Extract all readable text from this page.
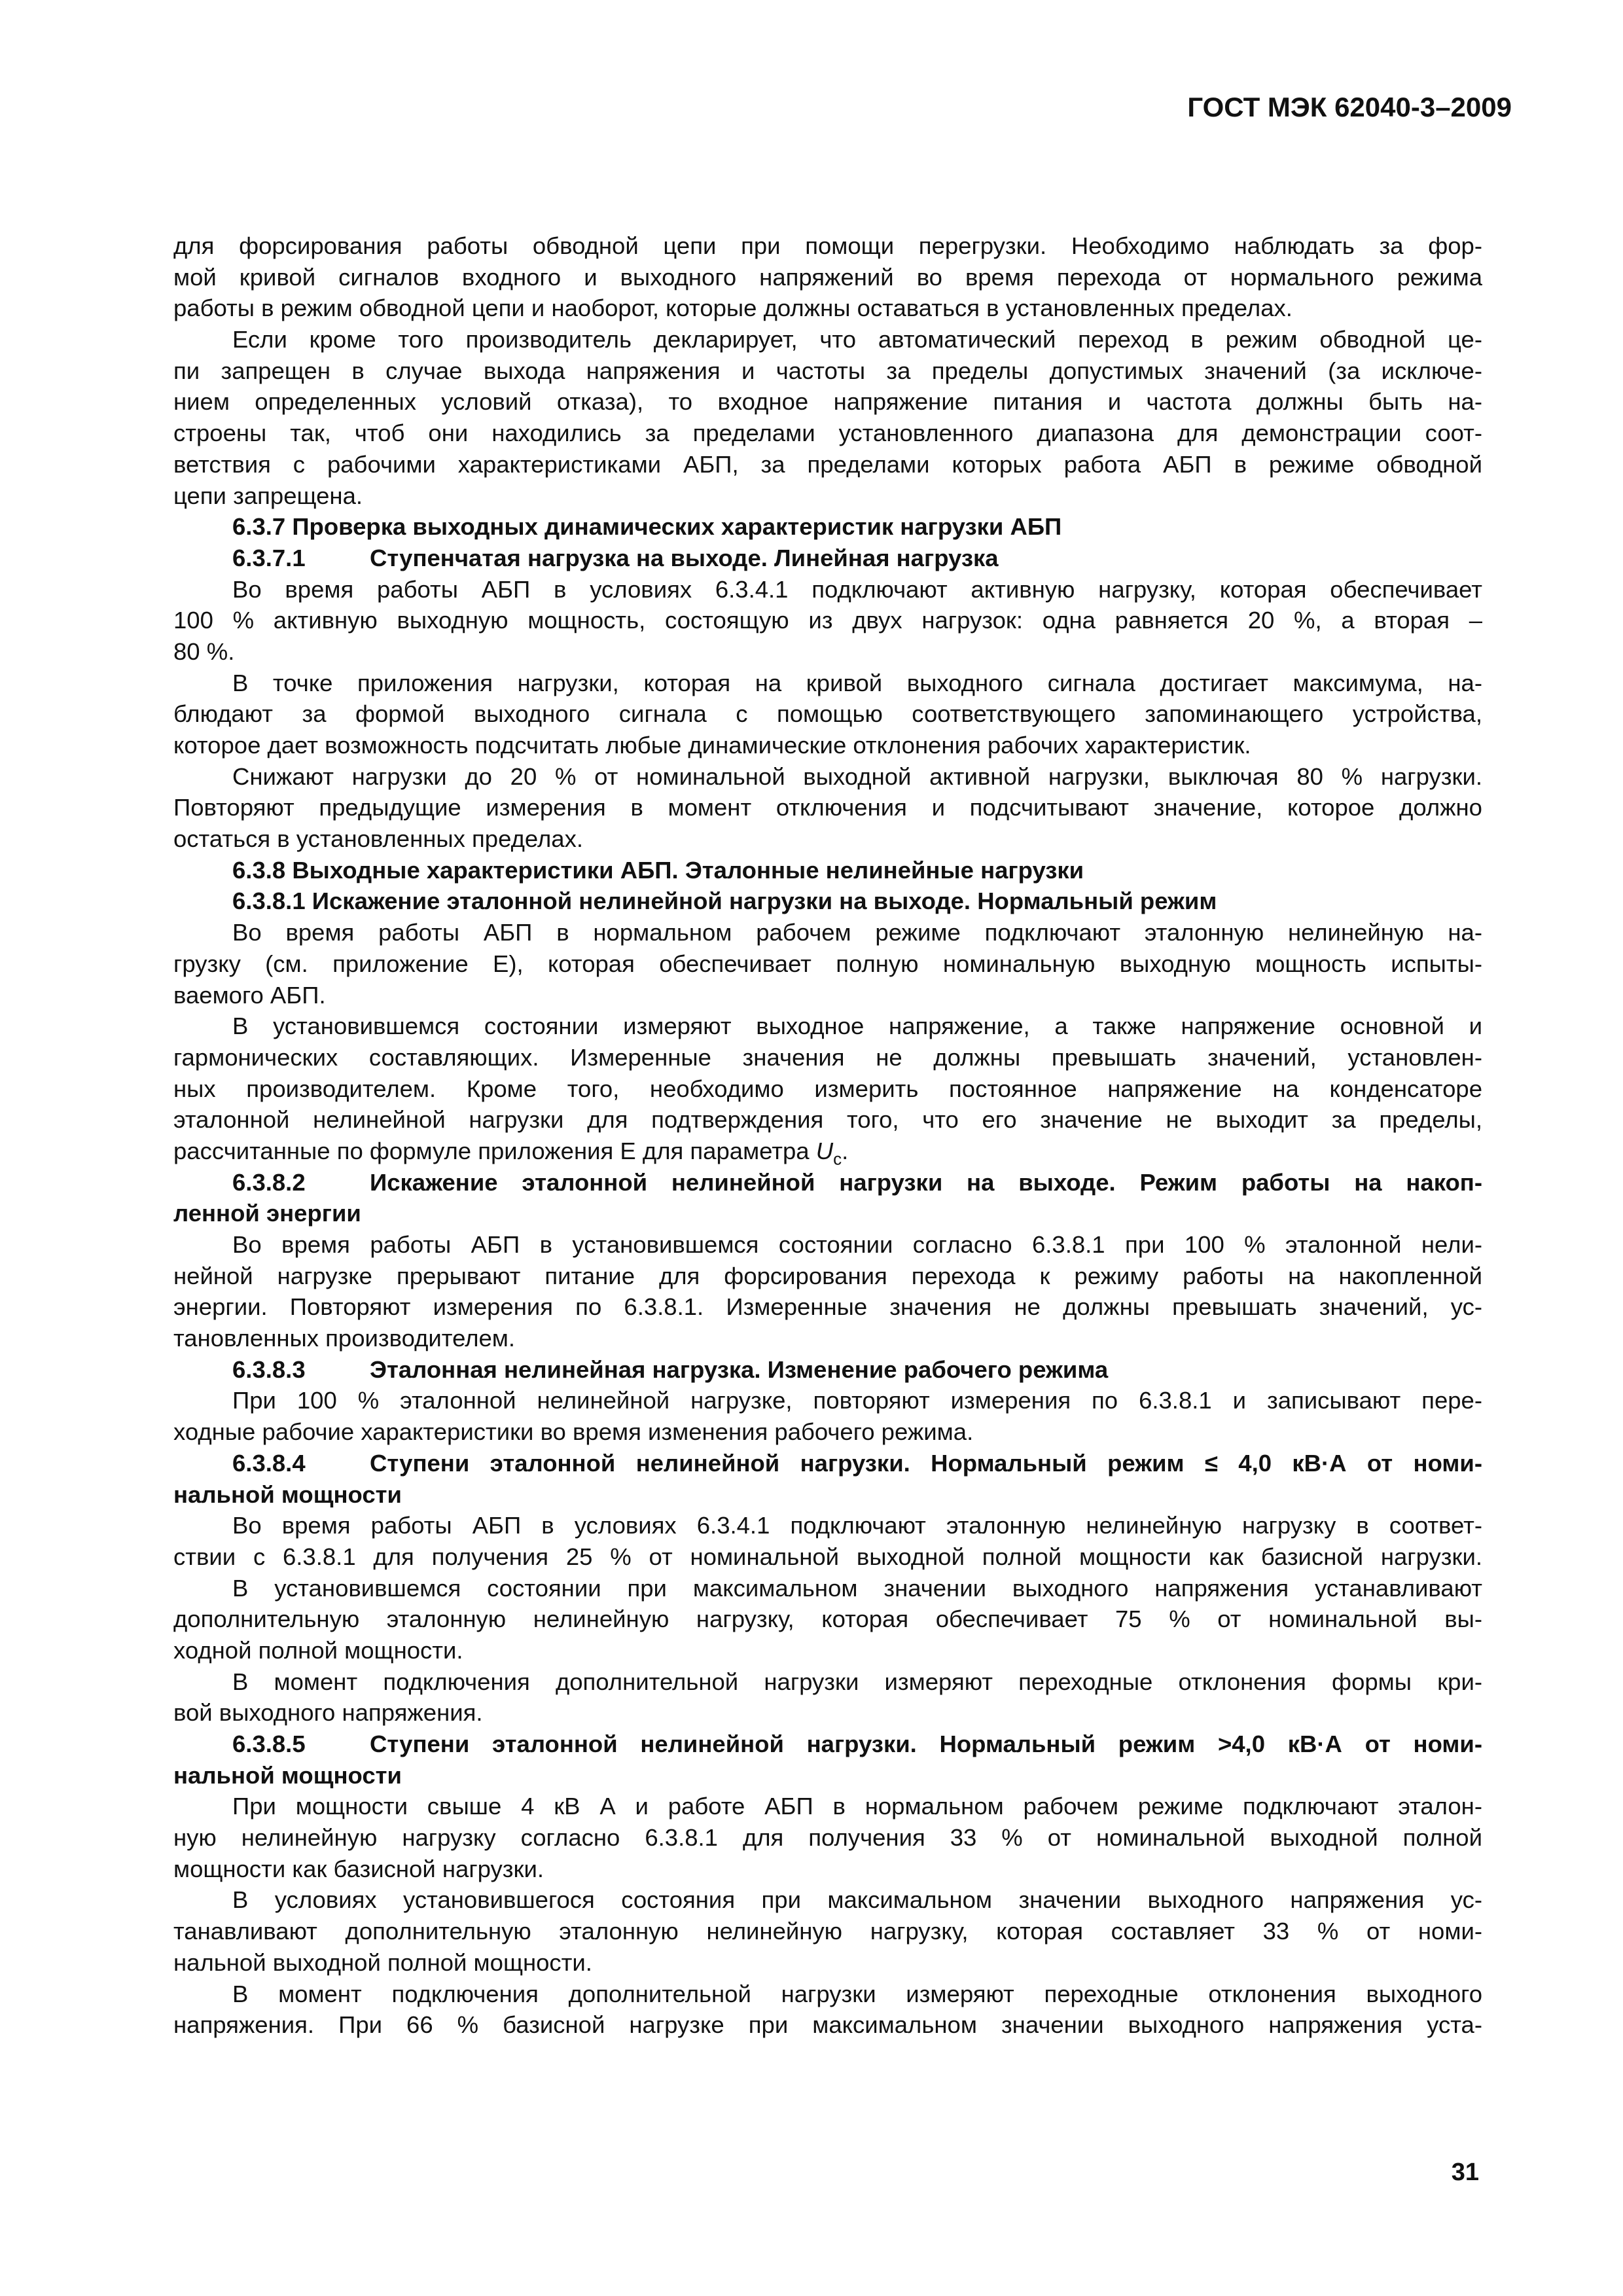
ГОСТ МЭК 62040-3–2009
для форсирования работы обводной цепи при помощи перегрузки. Необходимо наблюдать за фор-
мой кривой сигналов входного и выходного напряжений во время перехода от нормального режима
работы в режим обводной цепи и наоборот, которые должны оставаться в установленных пределах.
Если кроме того производитель декларирует, что автоматический переход в режим обводной це-
пи запрещен в случае выхода напряжения и частоты за пределы допустимых значений (за исключе-
нием определенных условий отказа), то входное напряжение питания и частота должны быть на-
строены так, чтоб они находились за пределами установленного диапазона для демонстрации соот-
ветствия с рабочими характеристиками АБП, за пределами которых работа АБП в режиме обводной
цепи запрещена.
6.3.7 Проверка выходных динамических характеристик нагрузки АБП
6.3.7.1	Ступенчатая нагрузка на выходе. Линейная нагрузка
Во время работы АБП в условиях 6.3.4.1 подключают активную нагрузку, которая обеспечивает
100 % активную выходную мощность, состоящую из двух нагрузок: одна равняется 20 %, а вторая –
80 %.
В точке приложения нагрузки, которая на кривой выходного сигнала достигает максимума, на-
блюдают за формой выходного сигнала с помощью соответствующего запоминающего устройства,
которое дает возможность подсчитать любые динамические отклонения рабочих характеристик.
Снижают нагрузки до 20 % от номинальной выходной активной нагрузки, выключая 80 % нагрузки.
Повторяют предыдущие измерения в момент отключения и подсчитывают значение, которое должно
остаться в установленных пределах.
6.3.8 Выходные характеристики АБП. Эталонные нелинейные нагрузки
6.3.8.1 Искажение эталонной нелинейной нагрузки на выходе. Нормальный режим
Во время работы АБП в нормальном рабочем режиме подключают эталонную нелинейную на-
грузку (см. приложение Е), которая обеспечивает полную номинальную выходную мощность испыты-
ваемого АБП.
В установившемся состоянии измеряют выходное напряжение, а также напряжение основной и
гармонических составляющих. Измеренные значения не должны превышать значений, установлен-
ных производителем. Кроме того, необходимо измерить постоянное напряжение на конденсаторе
эталонной нелинейной нагрузки для подтверждения того, что его значение не выходит за пределы,
рассчитанные по формуле приложения Е для параметра $U_c$.
6.3.8.2	Искажение эталонной нелинейной нагрузки на выходе. Режим работы на накоп-
ленной энергии
Во время работы АБП в установившемся состоянии согласно 6.3.8.1 при 100 % эталонной нели-
нейной нагрузке прерывают питание для форсирования перехода к режиму работы на накопленной
энергии. Повторяют измерения по 6.3.8.1. Измеренные значения не должны превышать значений, ус-
тановленных производителем.
6.3.8.3	Эталонная нелинейная нагрузка. Изменение рабочего режима
При 100 % эталонной нелинейной нагрузке, повторяют измерения по 6.3.8.1 и записывают пере-
ходные рабочие характеристики во время изменения рабочего режима.
6.3.8.4	Ступени эталонной нелинейной нагрузки. Нормальный режим ≤ 4,0 кВ·А от номи-
нальной мощности
Во время работы АБП в условиях 6.3.4.1 подключают эталонную нелинейную нагрузку в соответ-
ствии с 6.3.8.1 для получения 25 % от номинальной выходной полной мощности как базисной нагрузки.
В установившемся состоянии при максимальном значении выходного напряжения устанавливают
дополнительную эталонную нелинейную нагрузку, которая обеспечивает 75 % от номинальной вы-
ходной полной мощности.
В момент подключения дополнительной нагрузки измеряют переходные отклонения формы кри-
вой выходного напряжения.
6.3.8.5	Ступени эталонной нелинейной нагрузки. Нормальный режим >4,0 кВ·А от номи-
нальной мощности
При мощности свыше 4 кВ А и работе АБП в нормальном рабочем режиме подключают эталон-
ную нелинейную нагрузку согласно 6.3.8.1 для получения 33 % от номинальной выходной полной
мощности как базисной нагрузки.
В условиях установившегося состояния при максимальном значении выходного напряжения ус-
танавливают дополнительную эталонную нелинейную нагрузку, которая составляет 33 % от номи-
нальной выходной полной мощности.
В момент подключения дополнительной нагрузки измеряют переходные отклонения выходного
напряжения. При 66 % базисной нагрузке при максимальном значении выходного напряжения уста-
31
